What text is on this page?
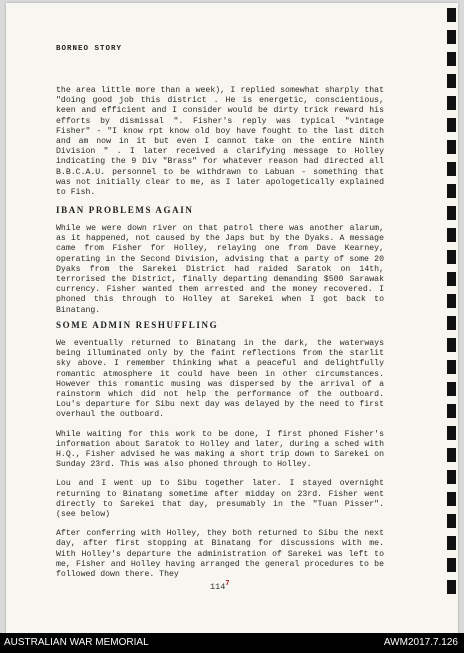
BORNEO STORY

the area little more than a week), I replied somewhat sharply that "doing good job this district . He is energetic, conscientious, keen and efficient and I consider would be dirty trick reward his efforts by dismissal ". Fisher's reply was typical "vintage Fisher" - "I know rpt know old boy have fought to the last ditch and am now in it but even I cannot take on the entire Ninth Division " . I later received a clarifying message to Holley indicating the 9 Div "Brass" for whatever reason had directed all B.B.C.A.U. personnel to be withdrawn to Labuan - something that was not initially clear to me, as I later apologetically explained to Fish.

IBAN PROBLEMS AGAIN

While we were down river on that patrol there was another alarum, as it happened, not caused by the Japs but by the Dyaks. A message came from Fisher for Holley, relaying one from Dave Kearney, operating in the Second Division, advising that a party of some 20 Dyaks from the Sarekei District had raided Saratok on 14th, terrorised the District, finally departing demanding $500 Sarawak currency. Fisher wanted them arrested and the money recovered. I phoned this through to Holley at Sarekei when I got back to Binatang.

SOME ADMIN RESHUFFLING

We eventually returned to Binatang in the dark, the waterways being illuminated only by the faint reflections from the starlit sky above. I remember thinking what a peaceful and delightfully romantic atmosphere it could have been in other circumstances. However this romantic musing was dispersed by the arrival of a rainstorm which did not help the performance of the outboard. Lou's departure for Sibu next day was delayed by the need to first overhaul the outboard.

While waiting for this work to be done, I first phoned Fisher's information about Saratok to Holley and later, during a sched with H.Q., Fisher advised he was making a short trip down to Sarekei on Sunday 23rd. This was also phoned through to Holley.

Lou and I went up to Sibu together later. I stayed overnight returning to Binatang sometime after midday on 23rd. Fisher went directly to Sarekei that day, presumably in the "Tuan Pisser". (see below)

After conferring with Holley, they both returned to Sibu the next day, after first stopping at Binatang for discussions with me. With Holley's departure the administration of Sarekei was left to me, Fisher and Holley having arranged the general procedures to be followed down there. They

$114^7$
AUSTRALIAN WAR MEMORIAL	AWM2017.7.126
